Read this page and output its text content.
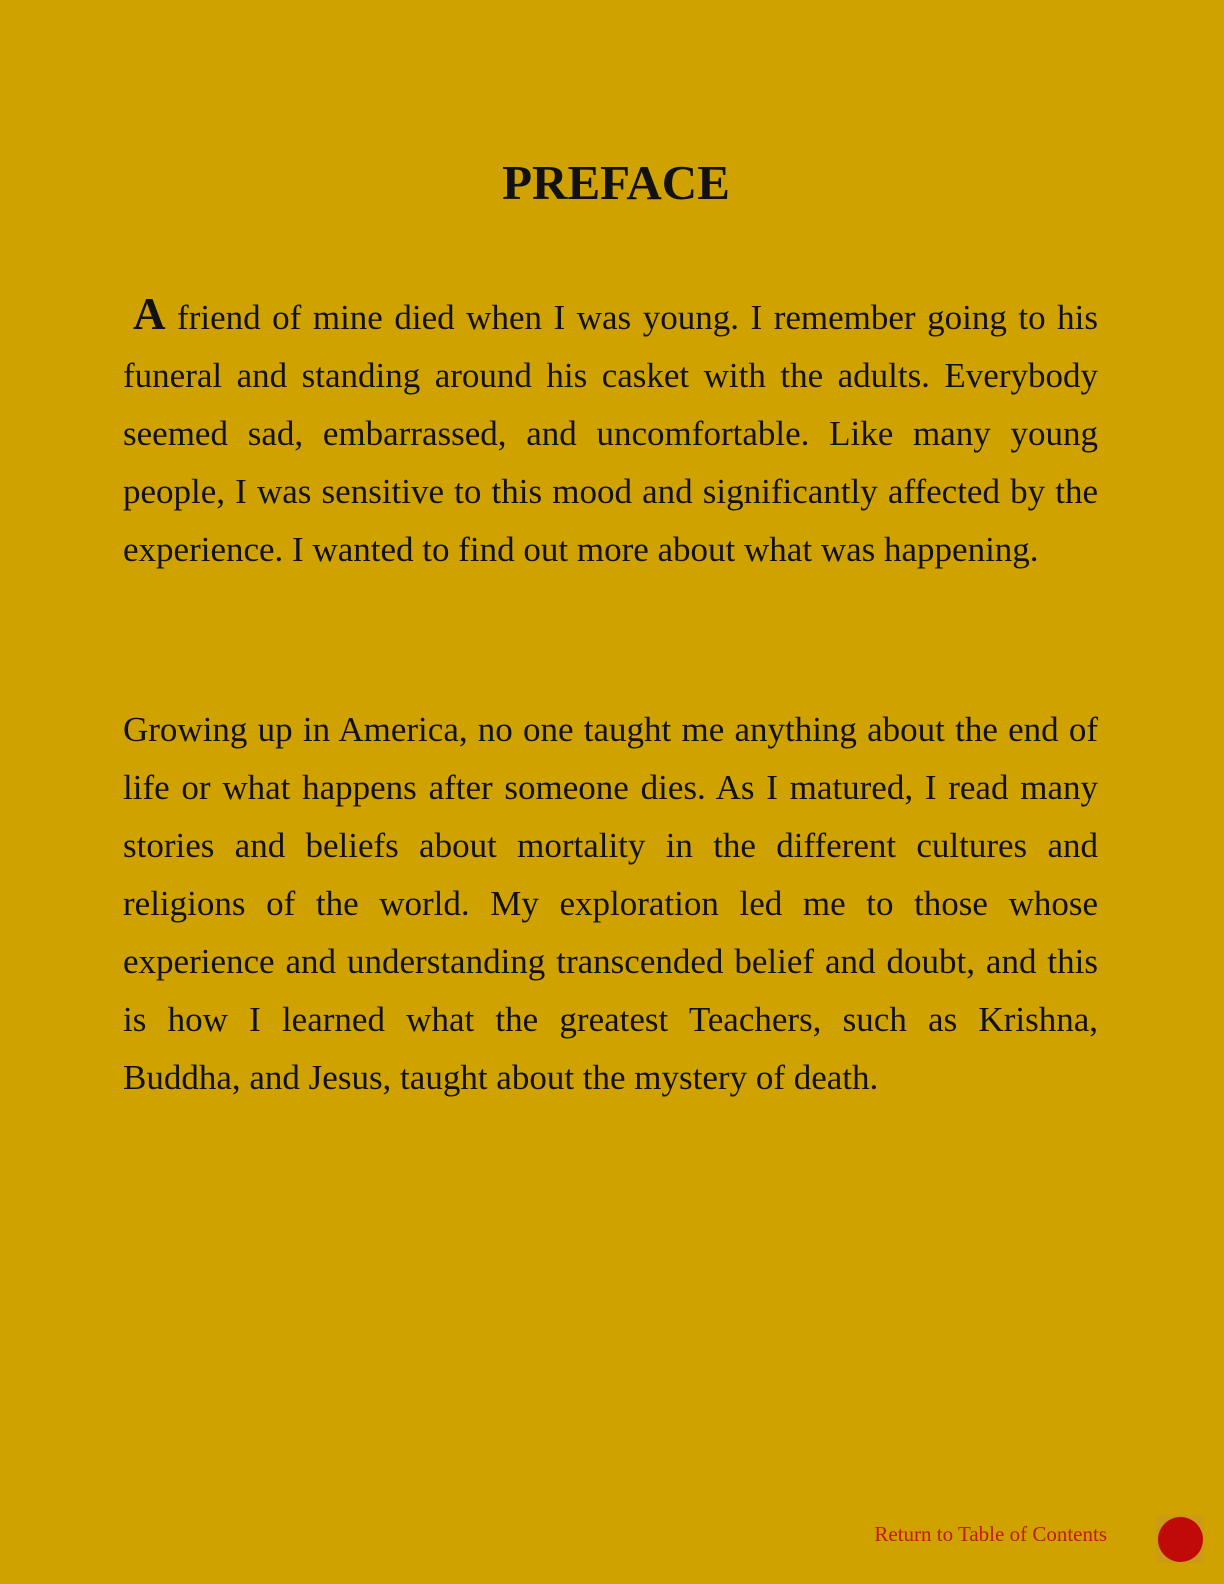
PREFACE

A friend of mine died when I was young. I remember going to his funeral and standing around his casket with the adults. Everybody seemed sad, embarrassed, and uncomfortable. Like many young people, I was sensitive to this mood and significantly affected by the experience. I wanted to find out more about what was happening.

Growing up in America, no one taught me anything about the end of life or what happens after someone dies. As I matured, I read many stories and beliefs about mortality in the different cultures and religions of the world. My exploration led me to those whose experience and understanding transcended belief and doubt, and this is how I learned what the greatest Teachers, such as Krishna, Buddha, and Jesus, taught about the mystery of death.

Return to Table of Contents
